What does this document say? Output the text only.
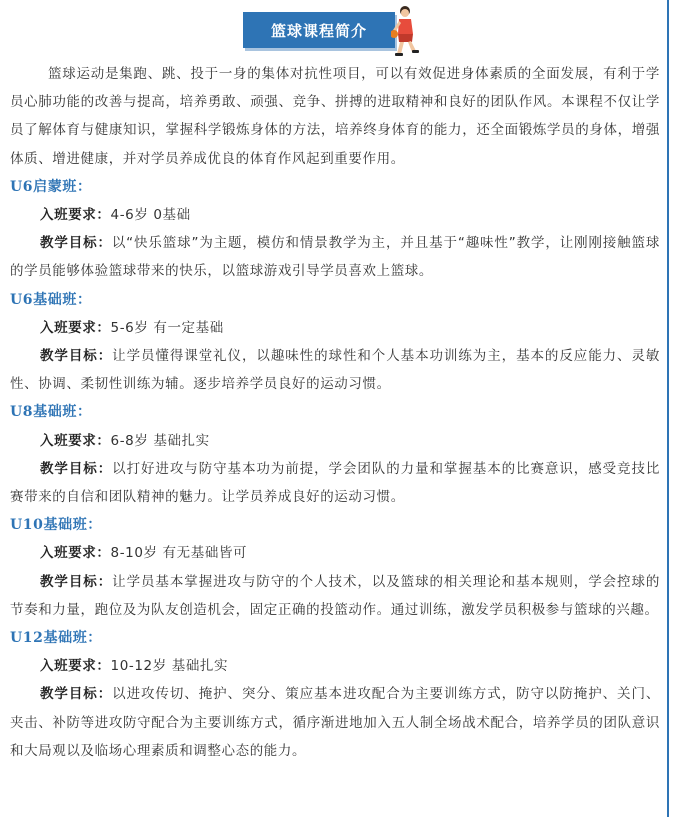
篮球课程简介

篮球运动是集跑、跳、投于一身的集体对抗性项目，可以有效促进身体素质的全面发展，有利于学员心肺功能的改善与提高，培养勇敢、顽强、竞争、拼搏的进取精神和良好的团队作风。本课程不仅让学员了解体育与健康知识，掌握科学锻炼身体的方法，培养终身体育的能力，还全面锻炼学员的身体，增强体质、增进健康，并对学员养成优良的体育作风起到重要作用。

U6启蒙班：

入班要求：4-6岁 0基础

教学目标：以“快乐篮球”为主题，模仿和情景教学为主，并且基于“趣味性”教学，让刚刚接触篮球的学员能够体验篮球带来的快乐，以篮球游戏引导学员喜欢上篮球。

U6基础班：

入班要求：5-6岁 有一定基础

教学目标：让学员懂得课堂礼仪，以趣味性的球性和个人基本功训练为主，基本的反应能力、灵敏性、协调、柔韧性训练为辅。逐步培养学员良好的运动习惯。

U8基础班：

入班要求：6-8岁 基础扎实

教学目标：以打好进攻与防守基本功为前提，学会团队的力量和掌握基本的比赛意识，感受竞技比赛带来的自信和团队精神的魅力。让学员养成良好的运动习惯。

U10基础班：

入班要求：8-10岁 有无基础皆可

教学目标：让学员基本掌握进攻与防守的个人技术，以及篮球的相关理论和基本规则，学会控球的节奏和力量，跑位及为队友创造机会，固定正确的投篮动作。通过训练，激发学员积极参与篮球的兴趣。

U12基础班：

入班要求：10-12岁 基础扎实

教学目标：以进攻传切、掩护、突分、策应基本进攻配合为主要训练方式，防守以防掩护、关门、夹击、补防等进攻防守配合为主要训练方式，循序渐进地加入五人制全场战术配合，培养学员的团队意识和大局观以及临场心理素质和调整心态的能力。
